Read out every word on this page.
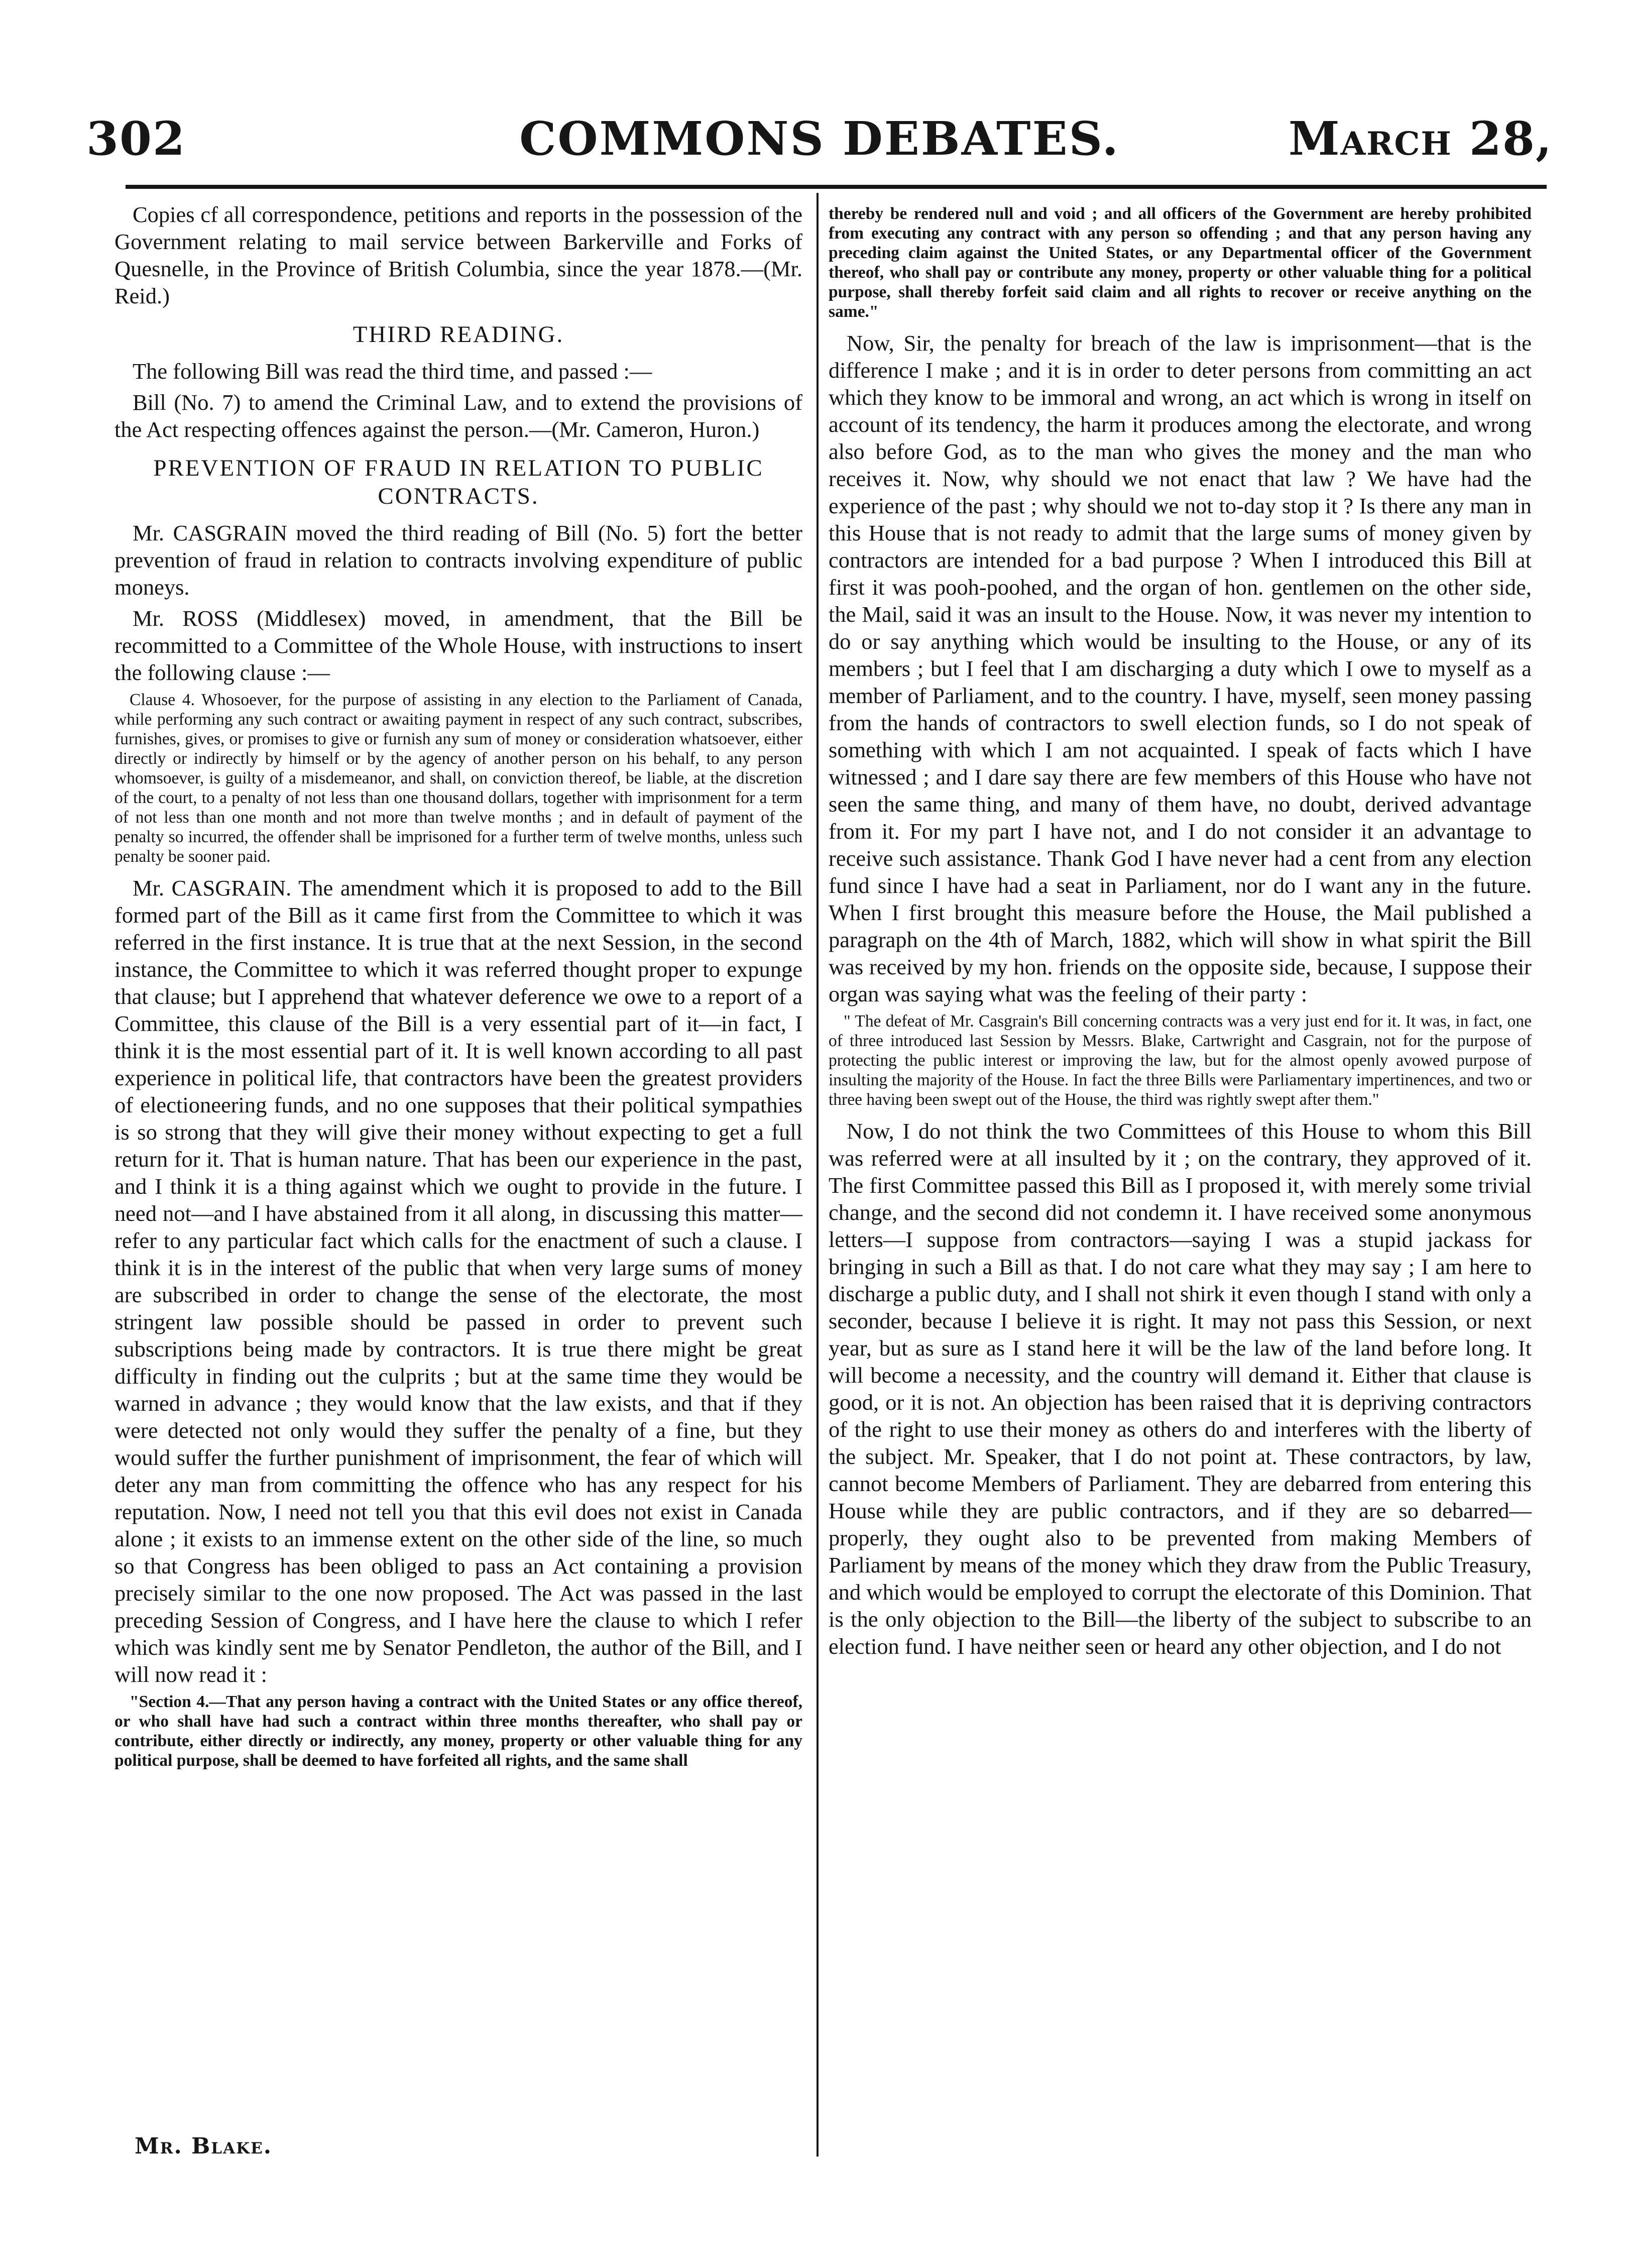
302	COMMONS DEBATES.	March 28,

Copies cf all correspondence, petitions and reports in the possession of the Government relating to mail service between Barkerville and Forks of Quesnelle, in the Province of British Columbia, since the year 1878.—(Mr. Reid.)

THIRD READING.

The following Bill was read the third time, and passed :—

Bill (No. 7) to amend the Criminal Law, and to extend the provisions of the Act respecting offences against the person.—(Mr. Cameron, Huron.)

PREVENTION OF FRAUD IN RELATION TO PUBLIC CONTRACTS.

Mr. CASGRAIN moved the third reading of Bill (No. 5) fort the better prevention of fraud in relation to contracts involving expenditure of public moneys.

Mr. ROSS (Middlesex) moved, in amendment, that the Bill be recommitted to a Committee of the Whole House, with instructions to insert the following clause :—

Clause 4. Whosoever, for the purpose of assisting in any election to the Parliament of Canada, while performing any such contract or awaiting payment in respect of any such contract, subscribes, furnishes, gives, or promises to give or furnish any sum of money or consideration whatsoever, either directly or indirectly by himself or by the agency of another person on his behalf, to any person whomsoever, is guilty of a misdemeanor, and shall, on conviction thereof, be liable, at the discretion of the court, to a penalty of not less than one thousand dollars, together with imprisonment for a term of not less than one month and not more than twelve months ; and in default of payment of the penalty so incurred, the offender shall be imprisoned for a further term of twelve months, unless such penalty be sooner paid.

Mr. CASGRAIN. The amendment which it is proposed to add to the Bill formed part of the Bill as it came first from the Committee to which it was referred in the first instance. It is true that at the next Session, in the second instance, the Committee to which it was referred thought proper to expunge that clause; but I apprehend that whatever deference we owe to a report of a Committee, this clause of the Bill is a very essential part of it—in fact, I think it is the most essential part of it. It is well known according to all past experience in political life, that contractors have been the greatest providers of electioneering funds, and no one supposes that their political sympathies is so strong that they will give their money without expecting to get a full return for it. That is human nature. That has been our experience in the past, and I think it is a thing against which we ought to provide in the future. I need not—and I have abstained from it all along, in discussing this matter—refer to any particular fact which calls for the enactment of such a clause. I think it is in the interest of the public that when very large sums of money are subscribed in order to change the sense of the electorate, the most stringent law possible should be passed in order to prevent such subscriptions being made by contractors. It is true there might be great difficulty in finding out the culprits ; but at the same time they would be warned in advance ; they would know that the law exists, and that if they were detected not only would they suffer the penalty of a fine, but they would suffer the further punishment of imprisonment, the fear of which will deter any man from committing the offence who has any respect for his reputation. Now, I need not tell you that this evil does not exist in Canada alone ; it exists to an immense extent on the other side of the line, so much so that Congress has been obliged to pass an Act containing a provision precisely similar to the one now proposed. The Act was passed in the last preceding Session of Congress, and I have here the clause to which I refer which was kindly sent me by Senator Pendleton, the author of the Bill, and I will now read it :

"Section 4.—That any person having a contract with the United States or any office thereof, or who shall have had such a contract within three months thereafter, who shall pay or contribute, either directly or indirectly, any money, property or other valuable thing for any political purpose, shall be deemed to have forfeited all rights, and the same shall

thereby be rendered null and void ; and all officers of the Government are hereby prohibited from executing any contract with any person so offending ; and that any person having any preceding claim against the United States, or any Departmental officer of the Government thereof, who shall pay or contribute any money, property or other valuable thing for a political purpose, shall thereby forfeit said claim and all rights to recover or receive anything on the same."

Now, Sir, the penalty for breach of the law is imprisonment—that is the difference I make ; and it is in order to deter persons from committing an act which they know to be immoral and wrong, an act which is wrong in itself on account of its tendency, the harm it produces among the electorate, and wrong also before God, as to the man who gives the money and the man who receives it. Now, why should we not enact that law ? We have had the experience of the past ; why should we not to-day stop it ? Is there any man in this House that is not ready to admit that the large sums of money given by contractors are intended for a bad purpose ? When I introduced this Bill at first it was pooh-poohed, and the organ of hon. gentlemen on the other side, the Mail, said it was an insult to the House. Now, it was never my intention to do or say anything which would be insulting to the House, or any of its members ; but I feel that I am discharging a duty which I owe to myself as a member of Parliament, and to the country. I have, myself, seen money passing from the hands of contractors to swell election funds, so I do not speak of something with which I am not acquainted. I speak of facts which I have witnessed ; and I dare say there are few members of this House who have not seen the same thing, and many of them have, no doubt, derived advantage from it. For my part I have not, and I do not consider it an advantage to receive such assistance. Thank God I have never had a cent from any election fund since I have had a seat in Parliament, nor do I want any in the future. When I first brought this measure before the House, the Mail published a paragraph on the 4th of March, 1882, which will show in what spirit the Bill was received by my hon. friends on the opposite side, because, I suppose their organ was saying what was the feeling of their party :

" The defeat of Mr. Casgrain's Bill concerning contracts was a very just end for it. It was, in fact, one of three introduced last Session by Messrs. Blake, Cartwright and Casgrain, not for the purpose of protecting the public interest or improving the law, but for the almost openly avowed purpose of insulting the majority of the House. In fact the three Bills were Parliamentary impertinences, and two or three having been swept out of the House, the third was rightly swept after them."

Now, I do not think the two Committees of this House to whom this Bill was referred were at all insulted by it ; on the contrary, they approved of it. The first Committee passed this Bill as I proposed it, with merely some trivial change, and the second did not condemn it. I have received some anonymous letters—I suppose from contractors—saying I was a stupid jackass for bringing in such a Bill as that. I do not care what they may say ; I am here to discharge a public duty, and I shall not shirk it even though I stand with only a seconder, because I believe it is right. It may not pass this Session, or next year, but as sure as I stand here it will be the law of the land before long. It will become a necessity, and the country will demand it. Either that clause is good, or it is not. An objection has been raised that it is depriving contractors of the right to use their money as others do and interferes with the liberty of the subject. Mr. Speaker, that I do not point at. These contractors, by law, cannot become Members of Parliament. They are debarred from entering this House while they are public contractors, and if they are so debarred—properly, they ought also to be prevented from making Members of Parliament by means of the money which they draw from the Public Treasury, and which would be employed to corrupt the electorate of this Dominion. That is the only objection to the Bill—the liberty of the subject to subscribe to an election fund. I have neither seen or heard any other objection, and I do not

Mr. Blake.
